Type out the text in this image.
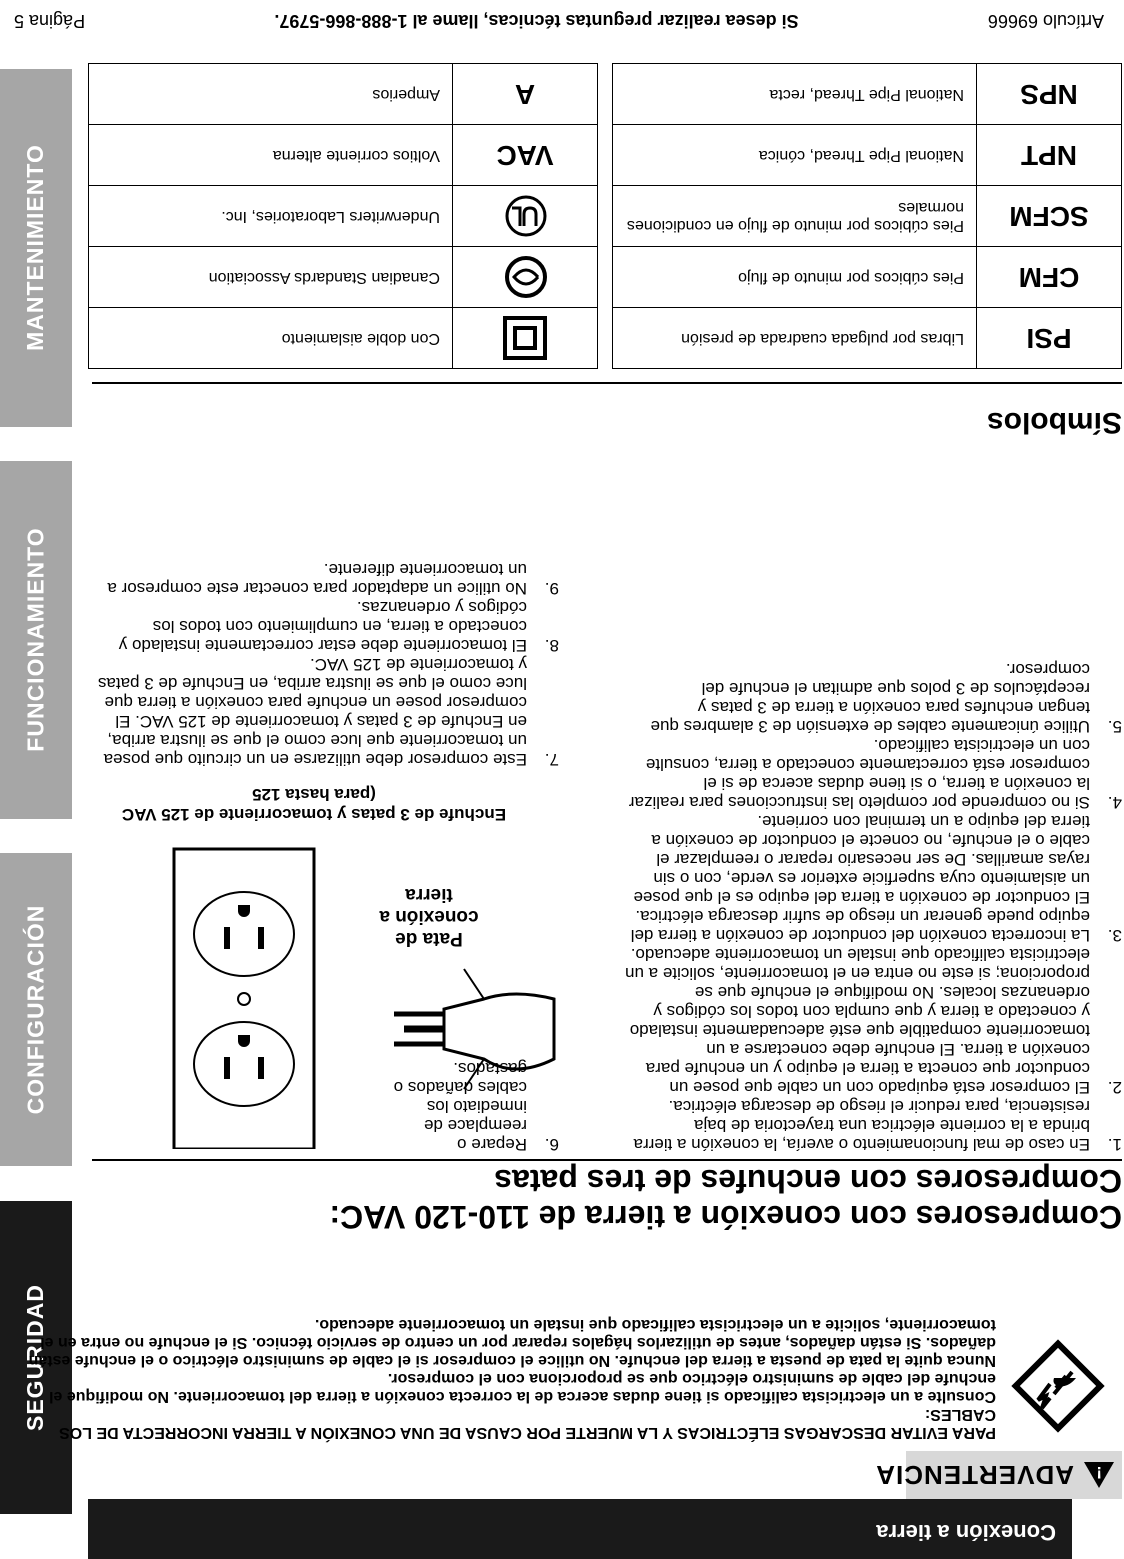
Conexión a tierra
SEGURIDAD
CONFIGURACIÓN
FUNCIONAMIENTO
MANTENIMIENTO
!
ADVERTENCIA

PARA EVITAR DESCARGAS ELÉCTRICAS Y LA MUERTE POR CAUSA DE UNA CONEXIÓN A TIERRA INCORRECTA DE LOS CABLES:

Consulte a un electricista calificado si tiene dudas acerca de la correcta conexión a tierra del tomacorriente. No modifique el enchufe del cable de suministro eléctrico que se proporciona con el compresor.

Nunca quite la pata de puesta a tierra del enchufe. No utilice el compresor si el cable de suministro eléctrico o el enchufe están dañados. Si están dañados, antes de utilizarlos hágalos reparar por un centro de servicio técnico. Si el enchufe no entra en el tomacorriente, solicite a un electricista calificado que instale un tomacorriente adecuado.

Compresores con conexión a tierra de 110-120 VAC:
Compresores con enchufes de tres patas
1.
En caso de mal funcionamiento o avería, la conexión a tierra brinda a la corriente eléctrica una trayectoria de baja resistencia, para reducir el riesgo de descarga eléctrica.
2.
El compresor está equipado con un cable que posee un conductor que conecta a tierra el equipo y un enchufe para conexión a tierra. El enchufe debe conectarse a un tomacorriente compatible que esté adecuadamente instalado y conectado a tierra y que cumpla con todos los códigos y ordenanzas locales. No modifique el enchufe que se proporciona; si este no entra en el tomacorriente, solicite a un electricista calificado que instale un tomacorriente adecuado.
3.
La incorrecta conexión del conductor de conexión a tierra del equipo puede generar un riesgo de sufrir descarga eléctrica. El conductor de conexión a tierra del equipo es el que posee un aislamiento cuya superficie exterior es verde, con o sin rayas amarillas. De ser necesario reparar o reemplazar el cable o el enchufe, no conecte el conductor de conexión a tierra del equipo a un terminal con corriente.
4.
Si no comprende por completo las instrucciones para realizar la conexión a tierra, o si tiene dudas acerca de si el compresor está correctamente conectado a tierra, consulte con un electricista calificado.
5.
Utilice únicamente cables de extensión de 3 alambres que tengan enchufes para conexión a tierra de 3 patas y receptáculos de 3 polos que admitan el enchufe del compresor.
Pata de conexión a tierra
Enchufe de 3 patas y tomacorriente de 125 VAC (para hasta 125
7.
Este compresor debe utilizarse en un circuito que posea un tomacorriente que luce como el que se ilustra arriba, en Enchufe de 3 patas y tomacorriente de 125 VAC. El compresor posee un enchufe para conexión a tierra que luce como el que se ilustra arriba, en Enchufe de 3 patas y tomacorriente de 125 VAC.
8.
El tomacorriente debe estar correctamente instalado y conectado a tierra, en cumplimiento con todos los códigos y ordenanzas.
9.
No utilice un adaptador para conectar este compresor a un tomacorriente diferente.
6.
Repare o reemplace de inmediato los cables dañados o gastados.
Símbolos
PSI	Libras por pulgada cuadrada de presión
CFM	Pies cúbicos por minuto de flujo
SCFM	Pies cúbicos por minuto de flujo en condiciones normales
NPT	National Pipe Thread, cónica
NPS	National Pipe Thread, recta
	Con doble aislamiento
	Canadian Standards Association
	Underwriters Laboratories, Inc.
VAC	Voltios corriente alterna
A	Amperios
Artículo 69666
Si desea realizar preguntas técnicas, llame al 1-888-866-5797.
Página 5
